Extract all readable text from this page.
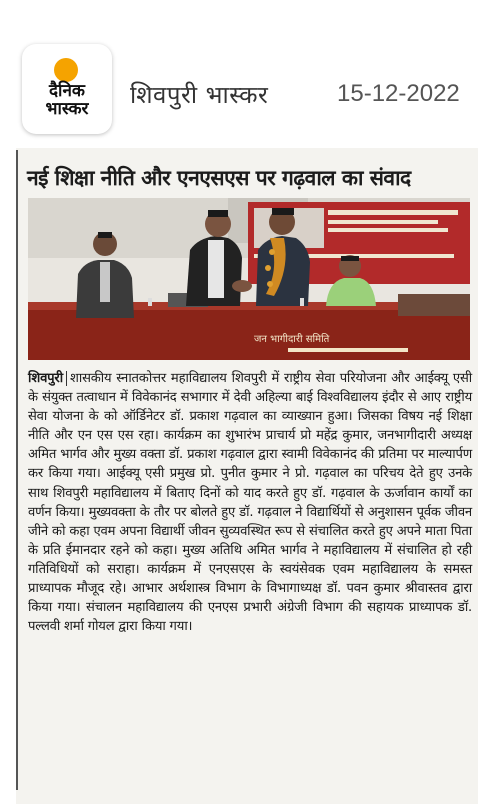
दैनिक
भास्कर	शिवपुरी भास्कर	15-12-2022
नई शिक्षा नीति और एनएसएस पर गढ़वाल का संवाद
जन भागीदारी समिति
शिवपुरी शासकीय स्नातकोत्तर महाविद्यालय शिवपुरी में राष्ट्रीय सेवा परियोजना और आईक्यू एसी के संयुक्त तत्वाधान में विवेकानंद सभागार में देवी अहिल्या बाई विश्वविद्यालय इंदौर से आए राष्ट्रीय सेवा योजना के को ऑर्डिनेटर डॉ. प्रकाश गढ़वाल का व्याख्यान हुआ। जिसका विषय नई शिक्षा नीति और एन एस एस रहा। कार्यक्रम का शुभारंभ प्राचार्य प्रो महेंद्र कुमार, जनभागीदारी अध्यक्ष अमित भार्गव और मुख्य वक्ता डॉ. प्रकाश गढ़वाल द्वारा स्वामी विवेकानंद की प्रतिमा पर माल्यार्पण कर किया गया। आईक्यू एसी प्रमुख प्रो. पुनीत कुमार ने प्रो. गढ़वाल का परिचय देते हुए उनके साथ शिवपुरी महाविद्यालय में बिताए दिनों को याद करते हुए डॉ. गढ़वाल के ऊर्जावान कार्यों का वर्णन किया। मुख्यवक्ता के तौर पर बोलते हुए डॉ. गढ़वाल ने विद्यार्थियों से अनुशासन पूर्वक जीवन जीने को कहा एवम अपना विद्यार्थी जीवन सुव्यवस्थित रूप से संचालित करते हुए अपने माता पिता के प्रति ईमानदार रहने को कहा। मुख्य अतिथि अमित भार्गव ने महाविद्यालय में संचालित हो रही गतिविधियों को सराहा। कार्यक्रम में एनएसएस के स्वयंसेवक एवम महाविद्यालय के समस्त प्राध्यापक मौजूद रहे। आभार अर्थशास्त्र विभाग के विभागाध्यक्ष डॉ. पवन कुमार श्रीवास्तव द्वारा किया गया। संचालन महाविद्यालय की एनएस प्रभारी अंग्रेजी विभाग की सहायक प्राध्यापक डॉ. पल्लवी शर्मा गोयल द्वारा किया गया।
